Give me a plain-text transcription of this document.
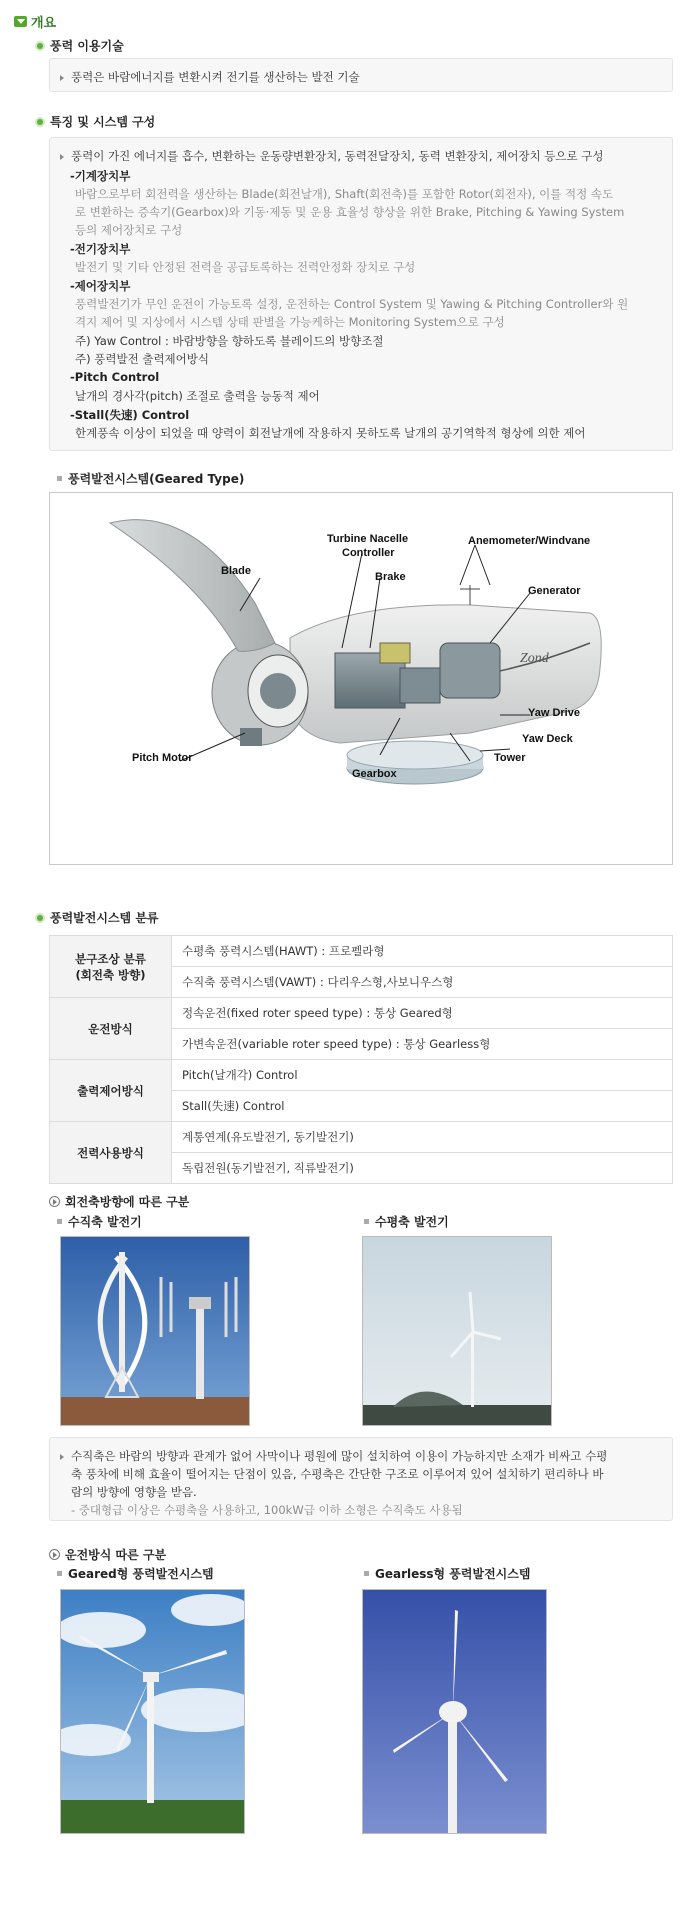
개요
풍력 이용기술
풍력은 바람에너지를 변환시켜 전기를 생산하는 발전 기술
특징 및 시스템 구성
풍력이 가진 에너지를 흡수, 변환하는 운동량변환장치, 동력전달장치, 동력 변환장치, 제어장치 등으로 구성
-기계장치부
바람으로부터 회전력을 생산하는 Blade(회전날개), Shaft(회전축)를 포함한 Rotor(회전자), 이를 적정 속도
로 변환하는 증속기(Gearbox)와 기동·제동 및 운용 효율성 향상을 위한 Brake, Pitching & Yawing System
등의 제어장치로 구성
-전기장치부
발전기 및 기타 안정된 전력을 공급토록하는 전력안정화 장치로 구성
-제어장치부
풍력발전기가 무인 운전이 가능토록 설정, 운전하는 Control System 및 Yawing & Pitching Controller와 원
격지 제어 및 지상에서 시스템 상태 판별을 가능케하는 Monitoring System으로 구성
주) Yaw Control : 바람방향을 향하도록 블레이드의 방향조절
주) 풍력발전 출력제어방식
-Pitch Control
날개의 경사각(pitch) 조절로 출력을 능동적 제어
-Stall(失速) Control
한계풍속 이상이 되었을 때 양력이 회전날개에 작용하지 못하도록 날개의 공기역학적 형상에 의한 제어
풍력발전시스템(Geared Type)
Blade
Turbine Nacelle
Controller
Brake
Anemometer/Windvane
Generator
Yaw Drive
Yaw Deck
Tower
Gearbox
Pitch Motor
Zond
풍력발전시스템 분류
분구조상 분류
(회전축 방향)	수평축 풍력시스템(HAWT) : 프로펠라형
	수직축 풍력시스템(VAWT) : 다리우스형,사보니우스형
운전방식	정속운전(fixed roter speed type) : 통상 Geared형
	가변속운전(variable roter speed type) : 통상 Gearless형
출력제어방식	Pitch(날개각) Control
	Stall(失速) Control
전력사용방식	계통연계(유도발전기, 동기발전기)
	독립전원(동기발전기, 직류발전기)
회전축방향에 따른 구분
수직축 발전기	수평축 발전기
수직축은 바람의 방향과 관계가 없어 사막이나 평원에 많이 설치하여 이용이 가능하지만 소재가 비싸고 수평
축 풍차에 비해 효율이 떨어지는 단점이 있음, 수평축은 간단한 구조로 이루어져 있어 설치하기 편리하나 바
람의 방향에 영향을 받음.
- 중대형급 이상은 수평축을 사용하고, 100kW급 이하 소형은 수직축도 사용됨
운전방식 따른 구분
Geared형 풍력발전시스템	Gearless형 풍력발전시스템
